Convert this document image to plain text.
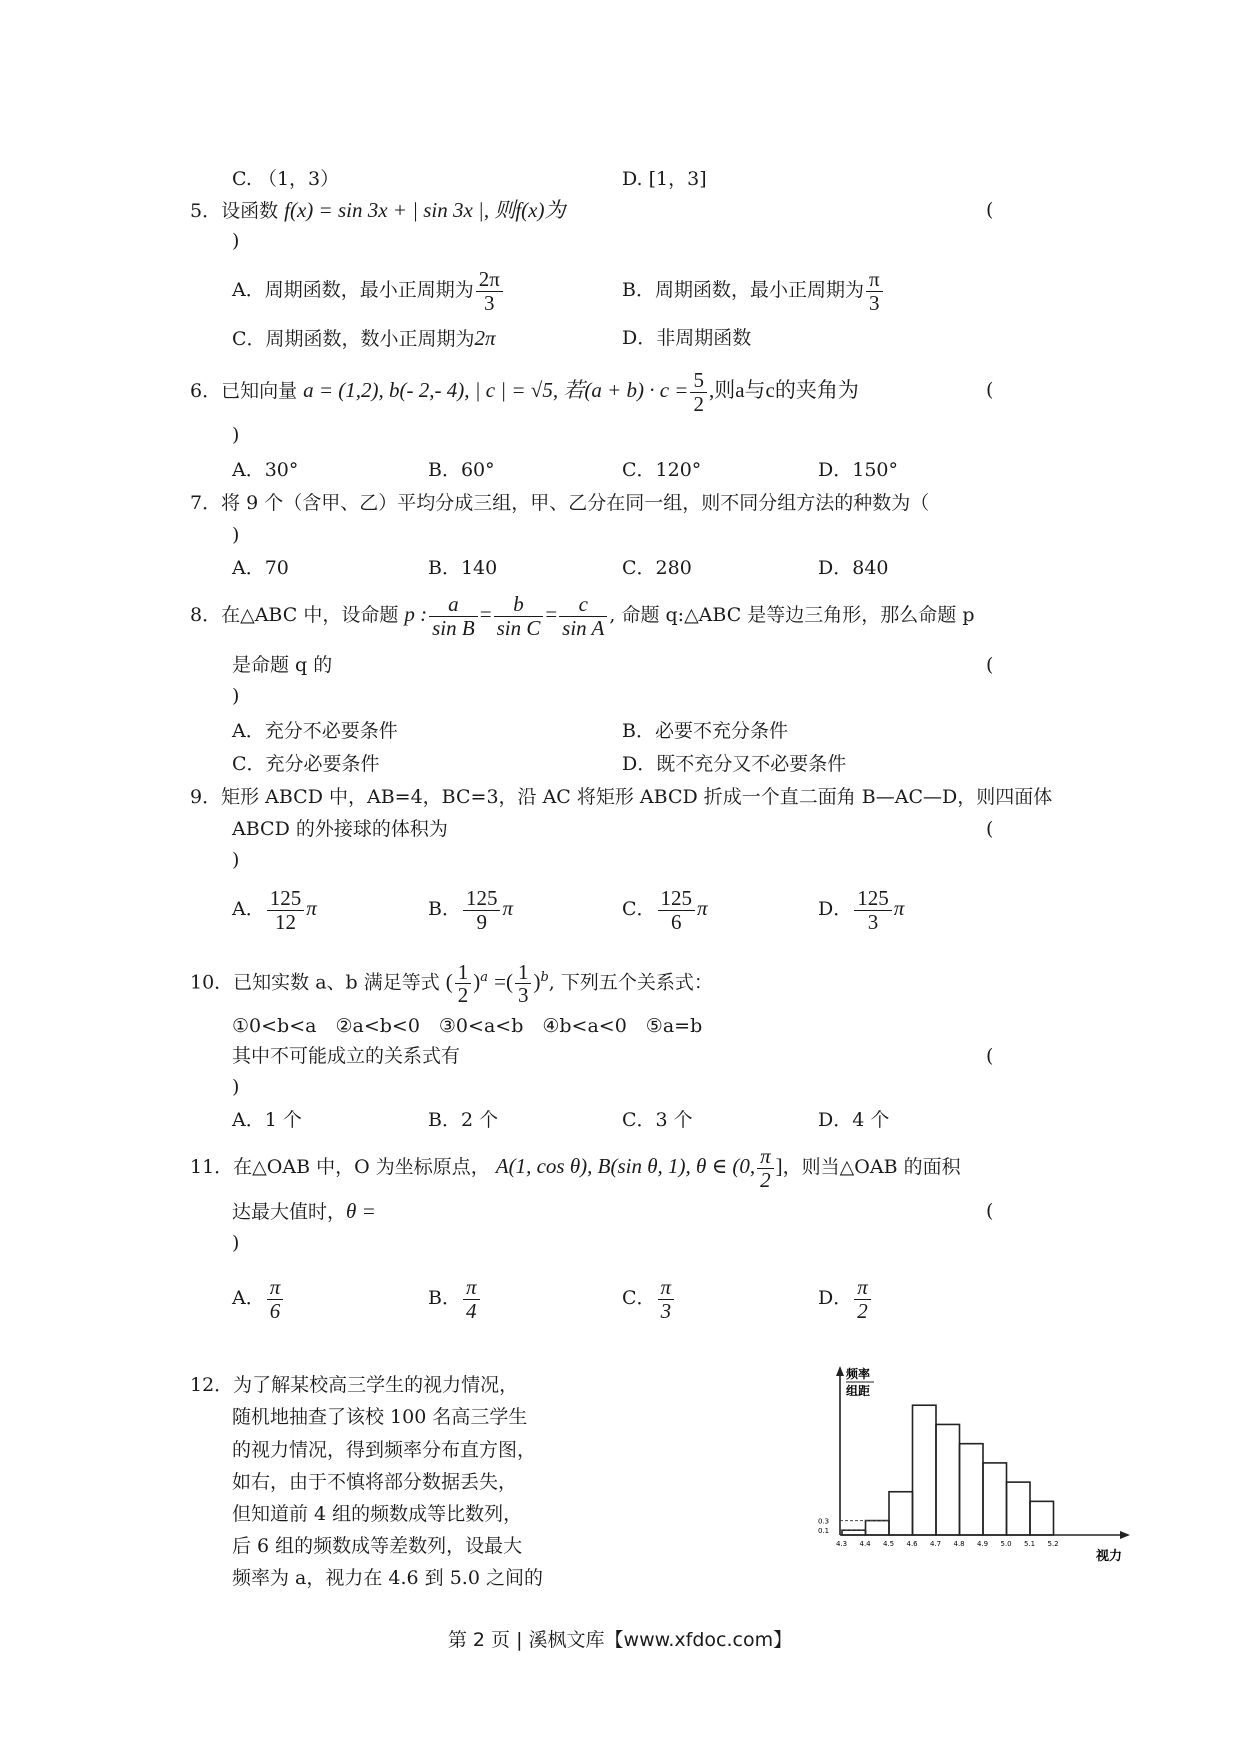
C. （1，3）	D. [1，3]
5．设函数 f(x) = sin 3x + | sin 3x |, 则f(x)为	(
)
A．周期函数，最小正周期为 $\frac{2\pi}{3}$	B．周期函数，最小正周期为 $\frac{\pi}{3}$
C．周期函数，数小正周期为2π	D．非周期函数
6．已知向量 a = (1,2), b(- 2,- 4), | c | = √5, 若$(a + b) \cdot c = \frac{5}{2}$ ,则a与c的夹角为	(
)
A．30°	B．60°	C．120°	D．150°
7．将 9 个（含甲、乙）平均分成三组，甲、乙分在同一组，则不同分组方法的种数为（
)
A．70	B．140	C．280	D．840
8．在△ABC 中，设命题 p : $\frac{a}{\text{sin B}} = \frac{b}{\text{sin C}} = \frac{c}{\text{sin A}}$ , 命题 q:△ABC 是等边三角形，那么命题 p
是命题 q 的	(
)
A．充分不必要条件	B．必要不充分条件
C．充分必要条件	D．既不充分又不必要条件
9．矩形 ABCD 中，AB=4，BC=3，沿 AC 将矩形 ABCD 折成一个直二面角 B—AC—D，则四面体
ABCD 的外接球的体积为	(
)
A． $\frac{125}{12}$ π	B． $\frac{125}{9}$ π	C． $\frac{125}{6}$ π	D． $\frac{125}{3}$ π
10．已知实数 a、b 满足等式 ( $\frac{1}{2} )^a$ =( $\frac{1}{3} )^b$, 下列五个关系式：
①0<b<a　②a<b<0　③0<a<b　④b<a<0　⑤a=b
其中不可能成立的关系式有	(
)
A．1 个	B．2 个	C．3 个	D．4 个
11．在△OAB 中，O 为坐标原点， A(1, cos θ), B(sin θ, 1), θ ∈ (0, $\frac{\pi}{2}$ ]，则当△OAB 的面积
达最大值时，θ =	(
)
A． $\frac{\pi}{6}$	B． $\frac{\pi}{4}$	C． $\frac{\pi}{3}$	D． $\frac{\pi}{2}$
12．为了解某校高三学生的视力情况，
随机地抽查了该校 100 名高三学生
的视力情况，得到频率分布直方图，
如右，由于不慎将部分数据丢失，
但知道前 4 组的频数成等比数列，
后 6 组的频数成等差数列，设最大
频率为 a，视力在 4.6 到 5.0 之间的
频率
组距
视力
0.3
0.1
4.3 4.4 4.5 4.6 4.7 4.8 4.9 5.0 5.1 5.2
第 2 页 | 溪枫文库【www.xfdoc.com】
